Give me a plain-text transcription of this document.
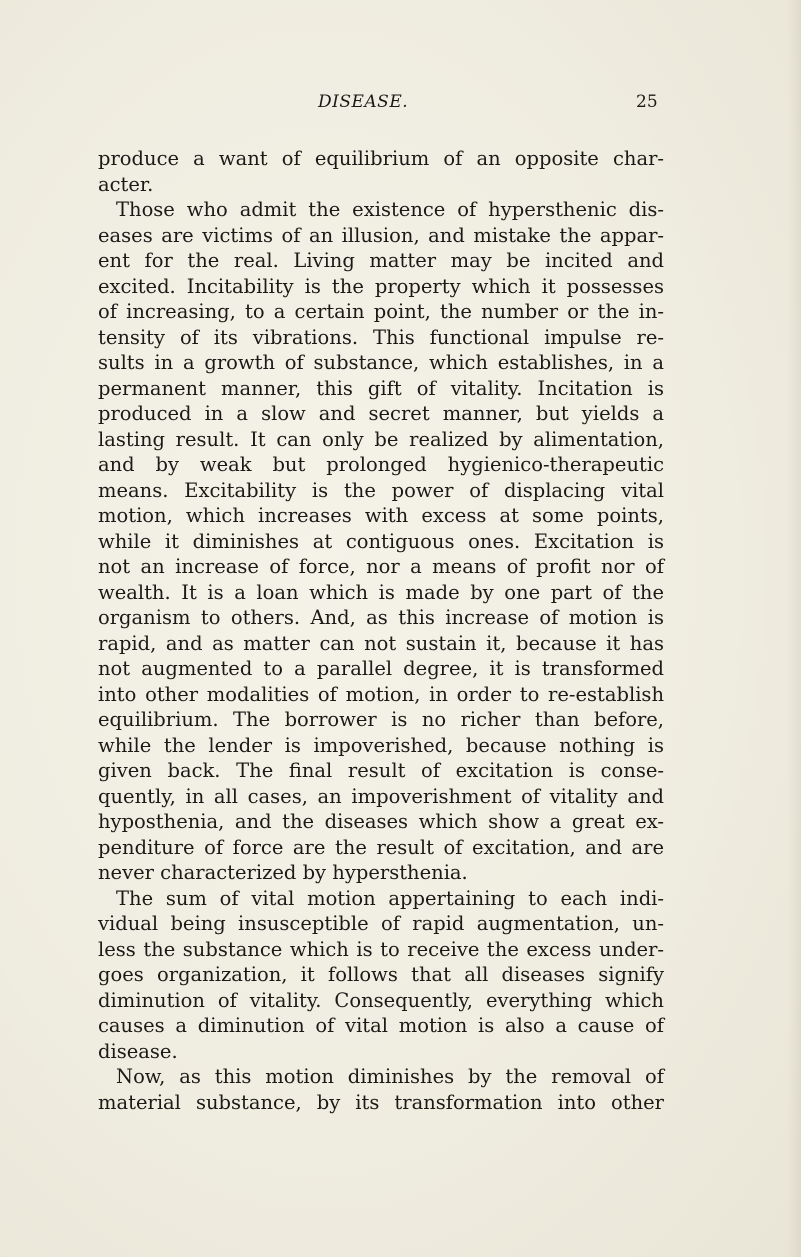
DISEASE.	25
produce a want of equilibrium of an opposite char-
acter.
Those who admit the existence of hypersthenic dis-
eases are victims of an illusion, and mistake the appar-
ent for the real. Living matter may be incited and
excited. Incitability is the property which it possesses
of increasing, to a certain point, the number or the in-
tensity of its vibrations. This functional impulse re-
sults in a growth of substance, which establishes, in a
permanent manner, this gift of vitality. Incitation is
produced in a slow and secret manner, but yields a
lasting result. It can only be realized by alimentation,
and by weak but prolonged hygienico-therapeutic
means. Excitability is the power of displacing vital
motion, which increases with excess at some points,
while it diminishes at contiguous ones. Excitation is
not an increase of force, nor a means of profit nor of
wealth. It is a loan which is made by one part of the
organism to others. And, as this increase of motion is
rapid, and as matter can not sustain it, because it has
not augmented to a parallel degree, it is transformed
into other modalities of motion, in order to re-establish
equilibrium. The borrower is no richer than before,
while the lender is impoverished, because nothing is
given back. The final result of excitation is conse-
quently, in all cases, an impoverishment of vitality and
hyposthenia, and the diseases which show a great ex-
penditure of force are the result of excitation, and are
never characterized by hypersthenia.
The sum of vital motion appertaining to each indi-
vidual being insusceptible of rapid augmentation, un-
less the substance which is to receive the excess under-
goes organization, it follows that all diseases signify
diminution of vitality. Consequently, everything which
causes a diminution of vital motion is also a cause of
disease.
Now, as this motion diminishes by the removal of
material substance, by its transformation into other
